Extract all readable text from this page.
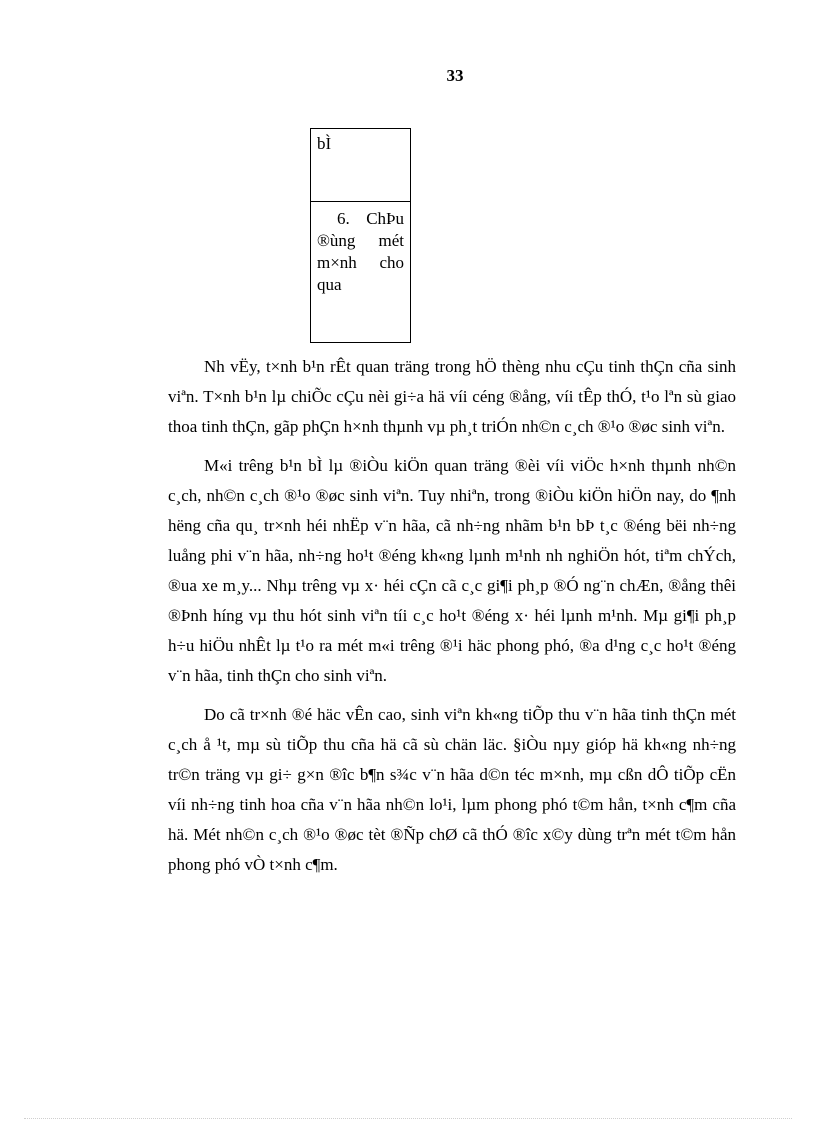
33
bÌ
6. ChÞu ®ùng mét m×nh cho qua

Nh vËy, t×nh b¹n rÊt quan träng trong hÖ thèng nhu cÇu tinh thÇn cña sinh viªn. T×nh b¹n lµ chiÕc cÇu nèi gi÷a hä víi céng ®ång, víi tÊp thÓ, t¹o lªn sù giao thoa tinh thÇn, gãp phÇn h×nh thµnh vµ ph¸t triÓn nh©n c¸ch ®¹o ®øc sinh viªn.

M«i trêng b¹n bÌ lµ ®iÒu kiÖn quan träng ®èi víi viÖc h×nh thµnh nh©n c¸ch, nh©n c¸ch ®¹o ®øc sinh viªn. Tuy nhiªn, trong ®iÒu kiÖn hiÖn nay, do ¶nh hëng cña qu¸ tr×nh héi nhËp v¨n hãa, cã nh÷ng nhãm b¹n bÞ t¸c ®éng bëi nh÷ng luång phi v¨n hãa, nh÷ng ho¹t ®éng kh«ng lµnh m¹nh nh nghiÖn hót, tiªm chÝch, ®ua xe m¸y... Nhµ trêng vµ x· héi cÇn cã c¸c gi¶i ph¸p ®Ó ng¨n chÆn, ®ång thêi ®Þnh híng vµ thu hót sinh viªn tíi c¸c ho¹t ®éng x· héi lµnh m¹nh. Mµ gi¶i ph¸p h÷u hiÖu nhÊt lµ t¹o ra mét m«i trêng ®¹i häc phong phó, ®a d¹ng c¸c ho¹t ®éng v¨n hãa, tinh thÇn cho sinh viªn.

Do cã tr×nh ®é häc vÊn cao, sinh viªn kh«ng tiÕp thu v¨n hãa tinh thÇn mét c¸ch å ¹t, mµ sù tiÕp thu cña hä cã sù chän läc. §iÒu nµy gióp hä kh«ng nh÷ng tr©n träng vµ gi÷ g×n ®îc b¶n s¾c v¨n hãa d©n téc m×nh, mµ cßn dÔ tiÕp cËn víi nh÷ng tinh hoa cña v¨n hãa nh©n lo¹i, lµm phong phó t©m hån, t×nh c¶m cña hä. Mét nh©n c¸ch ®¹o ®øc tèt ®Ñp chØ cã thÓ ®îc x©y dùng trªn mét t©m hån phong phó vÒ t×nh c¶m.
